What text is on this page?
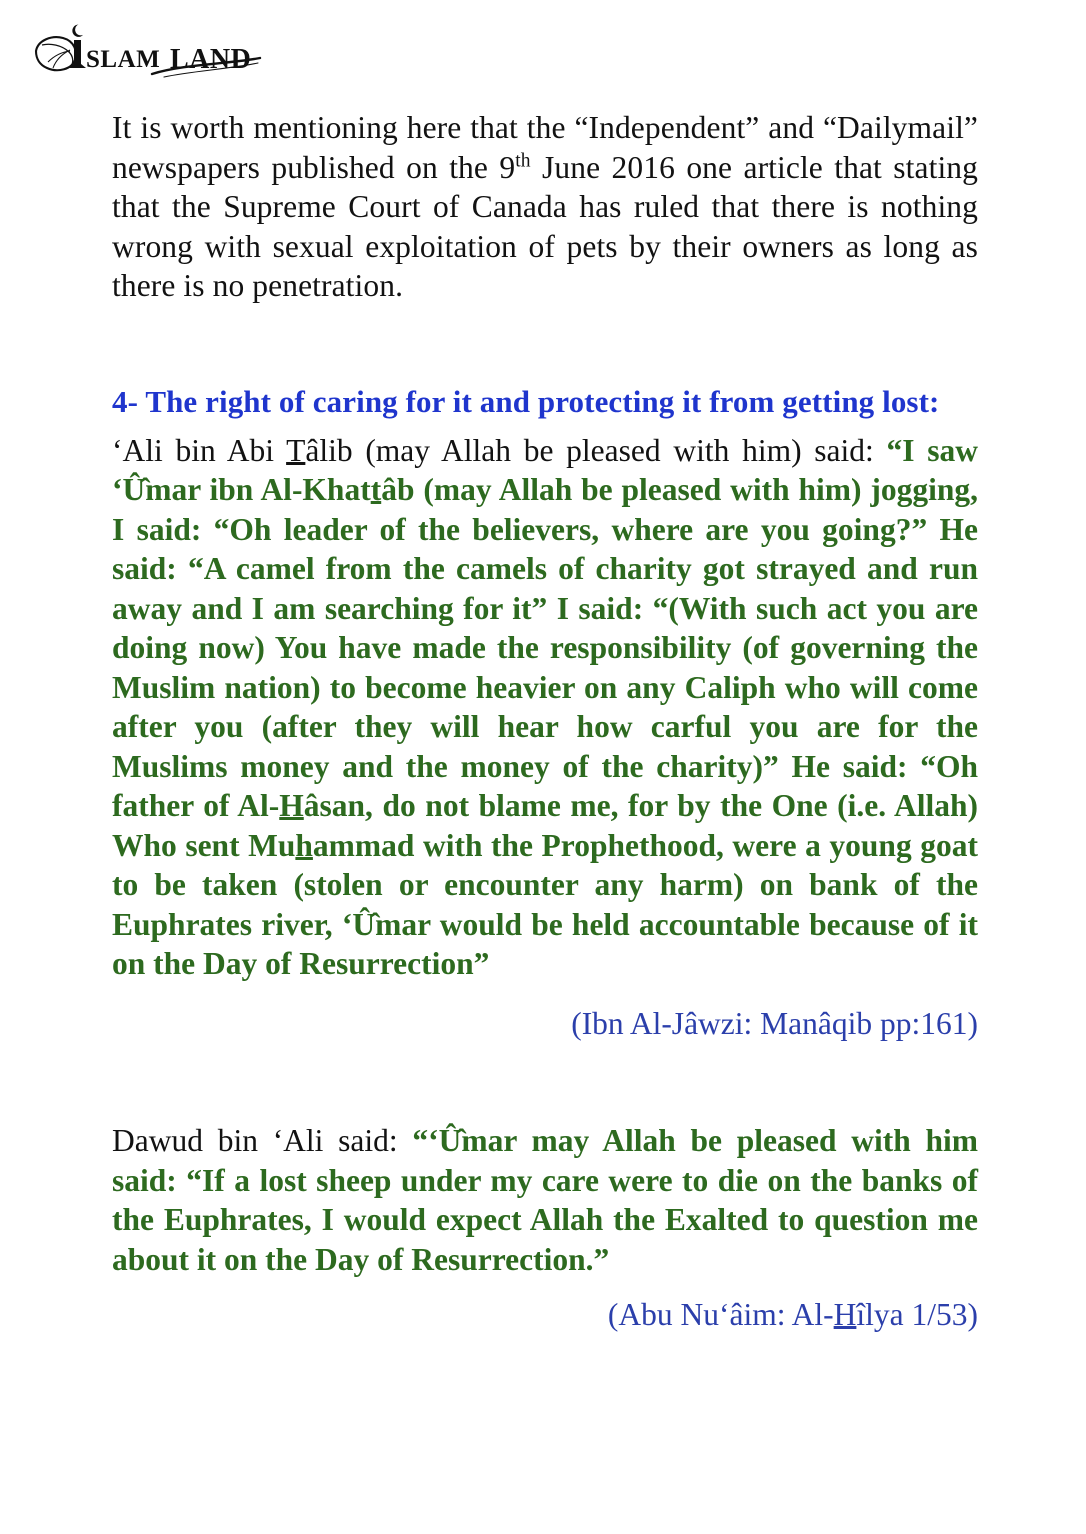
SLAM LAND

It is worth mentioning here that the “Independent” and “Dailymail” newspapers published on the 9th June 2016 one article that stating that the Supreme Court of Canada has ruled that there is nothing wrong with sexual exploitation of pets by their owners as long as there is no penetration.

4- The right of caring for it and protecting it from getting lost:

‘Ali bin Abi Tâlib (may Allah be pleased with him) said: “I saw ‘Û̂mar ibn Al-Khattâb (may Allah be pleased with him) jogging, I said: “Oh leader of the believers, where are you going?” He said: “A camel from the camels of charity got strayed and run away and I am searching for it” I said: “(With such act you are doing now) You have made the responsibility (of governing the Muslim nation) to become heavier on any Caliph who will come after you (after they will hear how carful you are for the Muslims money and the money of the charity)” He said: “Oh father of Al-Hâsan, do not blame me, for by the One (i.e. Allah) Who sent Muhammad with the Prophethood, were a young goat to be taken (stolen or encounter any harm) on bank of the Euphrates river, ‘Û̂mar would be held accountable because of it on the Day of Resurrection”

(Ibn Al-Jâwzi: Manâqib pp:161)

Dawud bin ‘Ali said: “‘Û̂mar may Allah be pleased with him said: “If a lost sheep under my care were to die on the banks of the Euphrates, I would expect Allah the Exalted to question me about it on the Day of Resurrection.”

(Abu Nu‘âim: Al-Hîlya 1/53)
